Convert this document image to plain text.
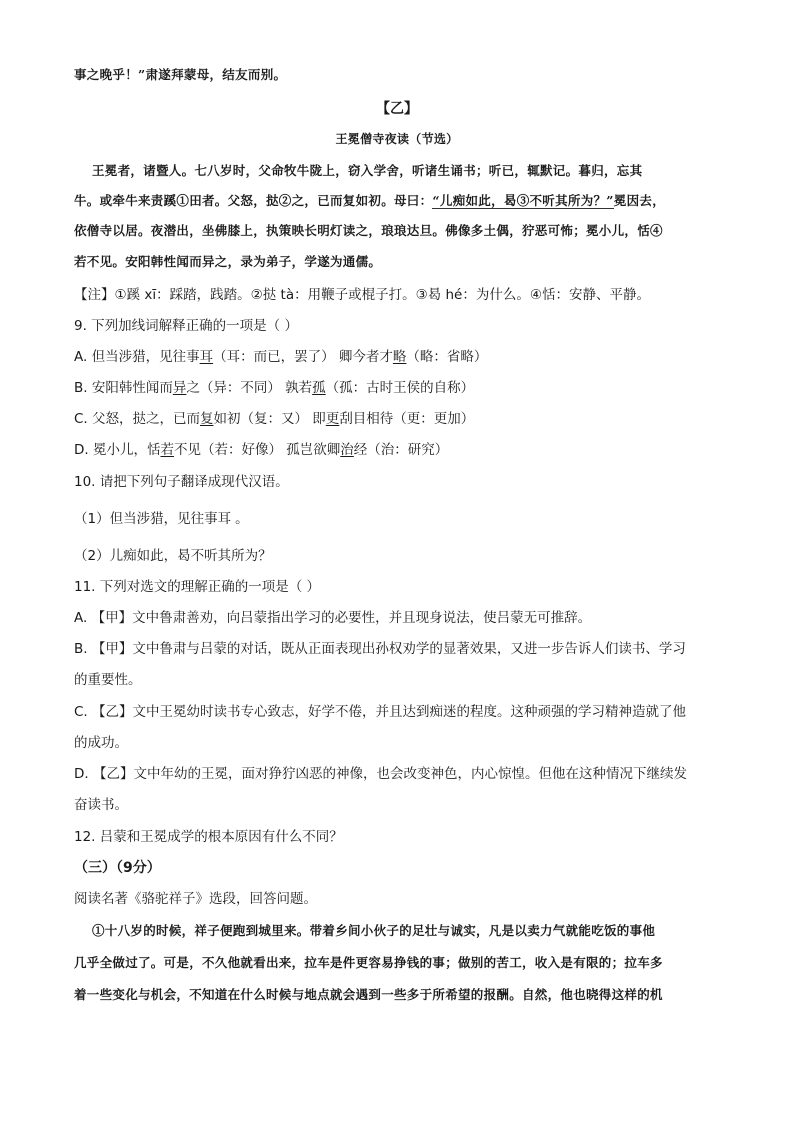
事之晚乎！”肃遂拜蒙母，结友而别。
【乙】
王冕僧寺夜读（节选）
王冕者，诸暨人。七八岁时，父命牧牛陇上，窃入学舍，听诸生诵书；听已，辄默记。暮归，忘其
牛。或牵牛来责蹊①田者。父怒，挞②之，已而复如初。母曰：“儿痴如此，曷③不听其所为？”冕因去，
依僧寺以居。夜潜出，坐佛膝上，执策映长明灯读之，琅琅达旦。佛像多土偶，狞恶可怖；冕小儿，恬④
若不见。安阳韩性闻而异之，录为弟子，学遂为通儒。
【注】①蹊 xī：踩踏，践踏。②挞 tà：用鞭子或棍子打。③曷 hé：为什么。④恬：安静、平静。
9. 下列加线词解释正确的一项是（ ）
A. 但当涉猎，见往事耳（耳：而已，罢了） 卿今者才略（略：省略）
B. 安阳韩性闻而异之（异：不同） 孰若孤（孤：古时王侯的自称）
C. 父怒，挞之，已而复如初（复：又） 即更刮目相待（更：更加）
D. 冕小儿，恬若不见（若：好像） 孤岂欲卿治经（治：研究）
10. 请把下列句子翻译成现代汉语。
（1）但当涉猎，见往事耳 。
（2）儿痴如此，曷不听其所为？
11. 下列对选文的理解正确的一项是（ ）
A. 【甲】文中鲁肃善劝，向吕蒙指出学习的必要性，并且现身说法，使吕蒙无可推辞。
B. 【甲】文中鲁肃与吕蒙的对话，既从正面表现出孙权劝学的显著效果，又进一步告诉人们读书、学习
的重要性。
C. 【乙】文中王冕幼时读书专心致志，好学不倦，并且达到痴迷的程度。这种顽强的学习精神造就了他
的成功。
D. 【乙】文中年幼的王冕，面对狰狞凶恶的神像，也会改变神色，内心惊惶。但他在这种情况下继续发
奋读书。
12. 吕蒙和王冕成学的根本原因有什么不同？
（三）（9分）
阅读名著《骆驼祥子》选段，回答问题。
①十八岁的时候，祥子便跑到城里来。带着乡间小伙子的足壮与诚实，凡是以卖力气就能吃饭的事他
几乎全做过了。可是，不久他就看出来，拉车是件更容易挣钱的事；做别的苦工，收入是有限的；拉车多
着一些变化与机会，不知道在什么时候与地点就会遇到一些多于所希望的报酬。自然，他也晓得这样的机
